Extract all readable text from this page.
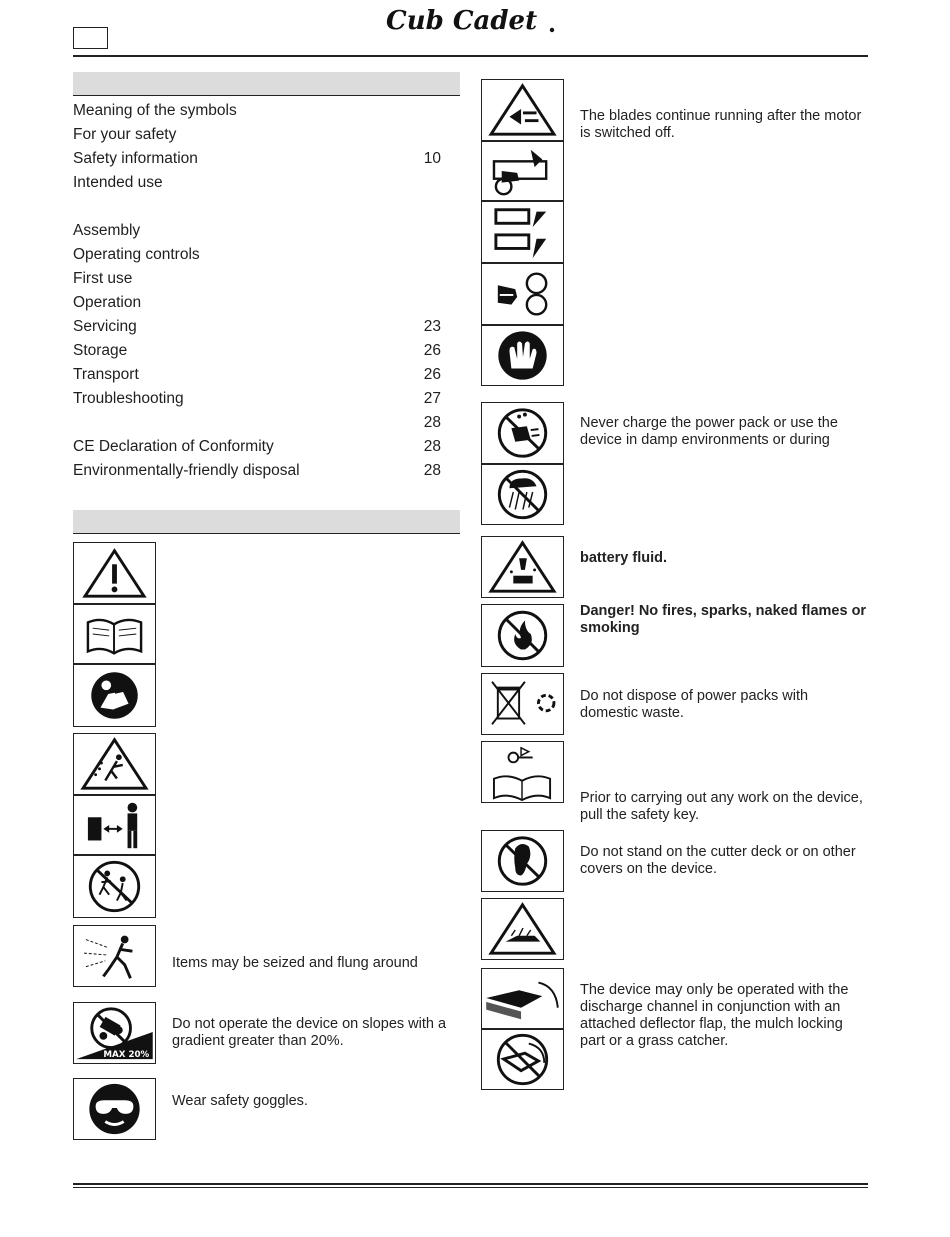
Cub Cadet
Meaning of the symbols
For your safety
Safety information	10
Intended use
Assembly
Operating controls
First use
Operation
Servicing	23
Storage	26
Transport	26
Troubleshooting	27
28
CE Declaration of Conformity	28
Environmentally-friendly disposal	28
Items may be seized and flung around
MAX 20%
Do not operate the device on slopes with a gradient greater than 20%.
Wear safety goggles.
The blades continue running after the motor is switched off.
Never charge the power pack or use the device in damp environments or during
battery fluid.
Danger! No fires, sparks, naked flames or smoking
Do not dispose of power packs with domestic waste.
Prior to carrying out any work on the device, pull the safety key.
Do not stand on the cutter deck or on other covers on the device.
The device may only be operated with the discharge channel in conjunction with an attached deflector flap, the mulch locking part or a grass catcher.
